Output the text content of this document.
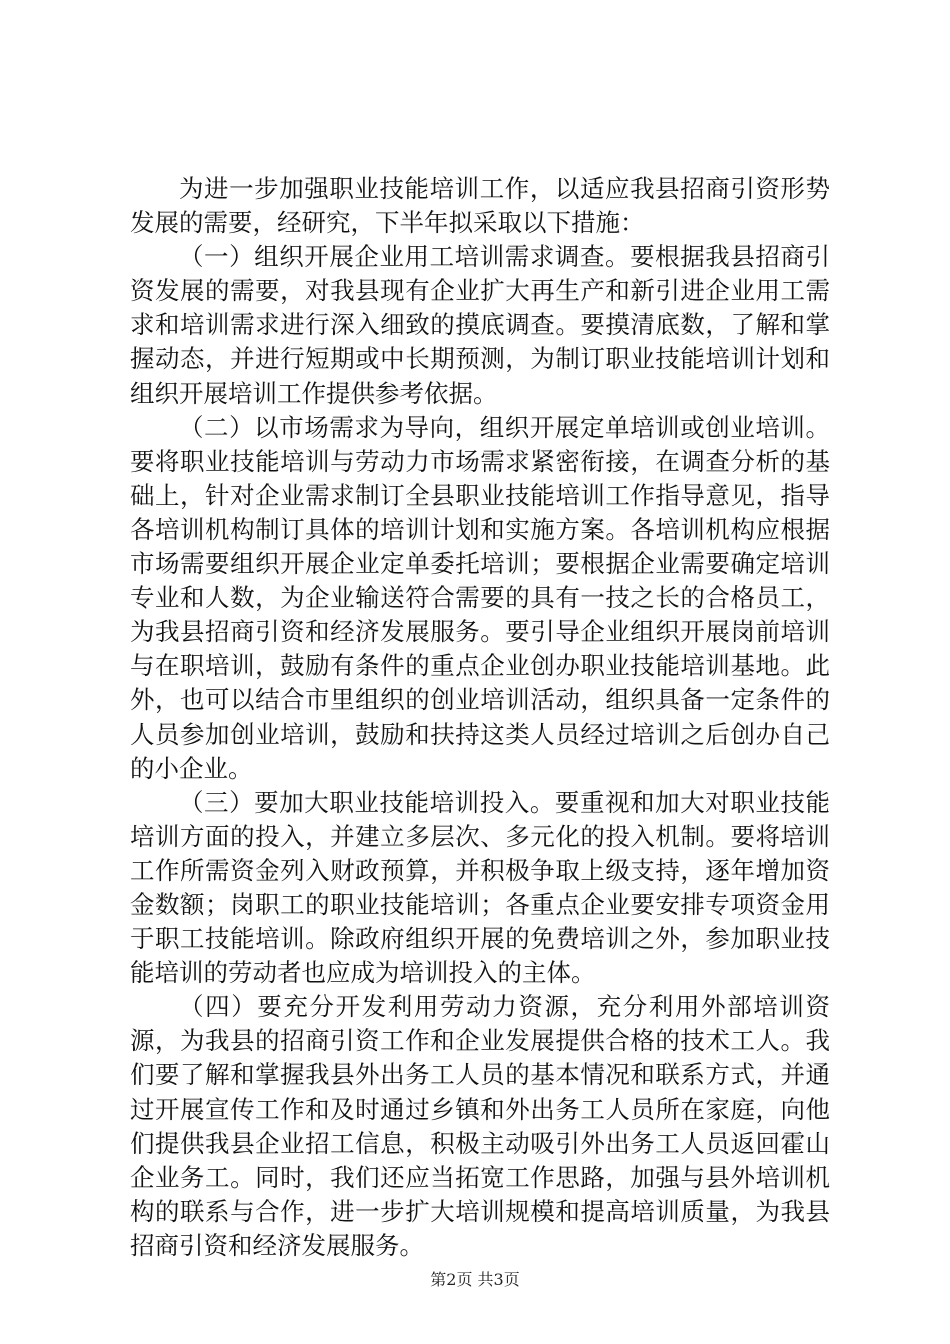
为进一步加强职业技能培训工作，以适应我县招商引资形势发展的需要，经研究，下半年拟采取以下措施：

（一）组织开展企业用工培训需求调查。要根据我县招商引资发展的需要，对我县现有企业扩大再生产和新引进企业用工需求和培训需求进行深入细致的摸底调查。要摸清底数，了解和掌握动态，并进行短期或中长期预测，为制订职业技能培训计划和组织开展培训工作提供参考依据。

（二）以市场需求为导向，组织开展定单培训或创业培训。要将职业技能培训与劳动力市场需求紧密衔接，在调查分析的基础上，针对企业需求制订全县职业技能培训工作指导意见，指导各培训机构制订具体的培训计划和实施方案。各培训机构应根据市场需要组织开展企业定单委托培训；要根据企业需要确定培训专业和人数，为企业输送符合需要的具有一技之长的合格员工，为我县招商引资和经济发展服务。要引导企业组织开展岗前培训与在职培训，鼓励有条件的重点企业创办职业技能培训基地。此外，也可以结合市里组织的创业培训活动，组织具备一定条件的人员参加创业培训，鼓励和扶持这类人员经过培训之后创办自己的小企业。

（三）要加大职业技能培训投入。要重视和加大对职业技能培训方面的投入，并建立多层次、多元化的投入机制。要将培训工作所需资金列入财政预算，并积极争取上级支持，逐年增加资金数额；岗职工的职业技能培训；各重点企业要安排专项资金用于职工技能培训。除政府组织开展的免费培训之外，参加职业技能培训的劳动者也应成为培训投入的主体。

（四）要充分开发利用劳动力资源，充分利用外部培训资源，为我县的招商引资工作和企业发展提供合格的技术工人。我们要了解和掌握我县外出务工人员的基本情况和联系方式，并通过开展宣传工作和及时通过乡镇和外出务工人员所在家庭，向他们提供我县企业招工信息，积极主动吸引外出务工人员返回霍山企业务工。同时，我们还应当拓宽工作思路，加强与县外培训机构的联系与合作，进一步扩大培训规模和提高培训质量，为我县招商引资和经济发展服务。

第2页 共3页
